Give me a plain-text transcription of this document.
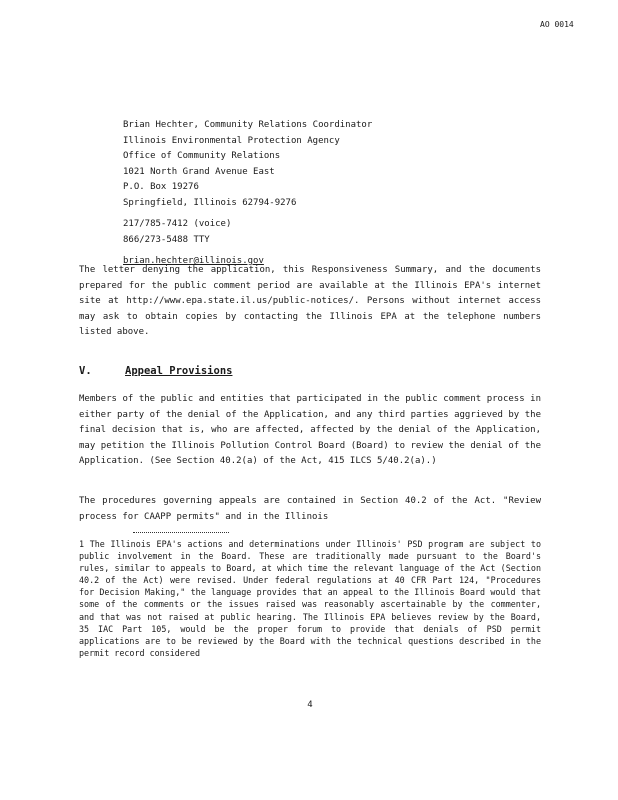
AO 0014
Brian Hechter, Community Relations Coordinator
Illinois Environmental Protection Agency
Office of Community Relations
1021 North Grand Avenue East
P.O. Box 19276
Springfield, Illinois 62794-9276
217/785-7412 (voice)
866/273-5488 TTY
brian.hechter@illinois.gov

The letter denying the application, this Responsiveness Summary, and the documents prepared for the public comment period are available at the Illinois EPA's internet site at http://www.epa.state.il.us/public-notices/. Persons without internet access may ask to obtain copies by contacting the Illinois EPA at the telephone numbers listed above.

V.	Appeal Provisions

Members of the public and entities that participated in the public comment process in either party of the denial of the Application, and any third parties aggrieved by the final decision that is, who are affected, affected by the denial of the Application, may petition the Illinois Pollution Control Board (Board) to review the denial of the Application. (See Section 40.2(a) of the Act, 415 ILCS 5/40.2(a).)

The procedures governing appeals are contained in Section 40.2 of the Act. "Review process for CAAPP permits" and in the Illinois

1 The Illinois EPA's actions and determinations under Illinois' PSD program are subject to public involvement in the Board. These are traditionally made pursuant to the Board's rules, similar to appeals to Board, at which time the relevant language of the Act (Section 40.2 of the Act) were revised. Under federal regulations at 40 CFR Part 124, "Procedures for Decision Making," the language provides that an appeal to the Illinois Board would that some of the comments or the issues raised was reasonably ascertainable by the commenter, and that was not raised at public hearing. The Illinois EPA believes review by the Board, 35 IAC Part 105, would be the proper forum to provide that denials of PSD permit applications are to be reviewed by the Board with the technical questions described in the permit record considered

4
